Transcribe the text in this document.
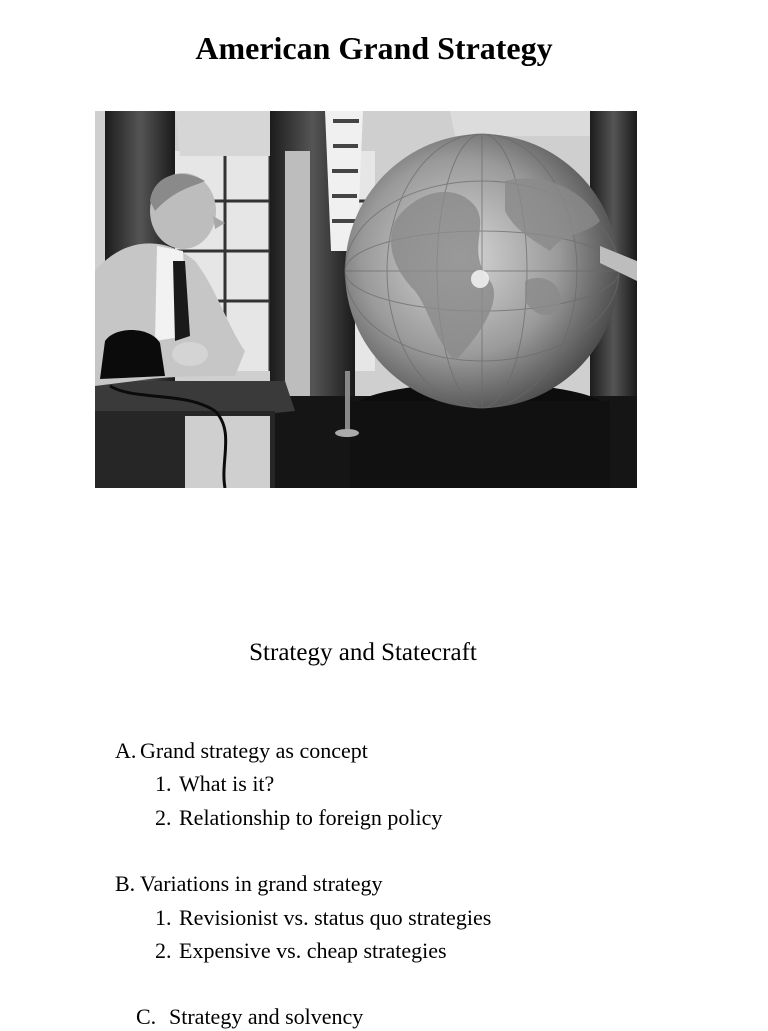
American Grand Strategy
Strategy and Statecraft
A. Grand strategy as concept
1. What is it?
2. Relationship to foreign policy
B. Variations in grand strategy
1. Revisionist vs. status quo strategies
2. Expensive vs. cheap strategies
C. Strategy and solvency
